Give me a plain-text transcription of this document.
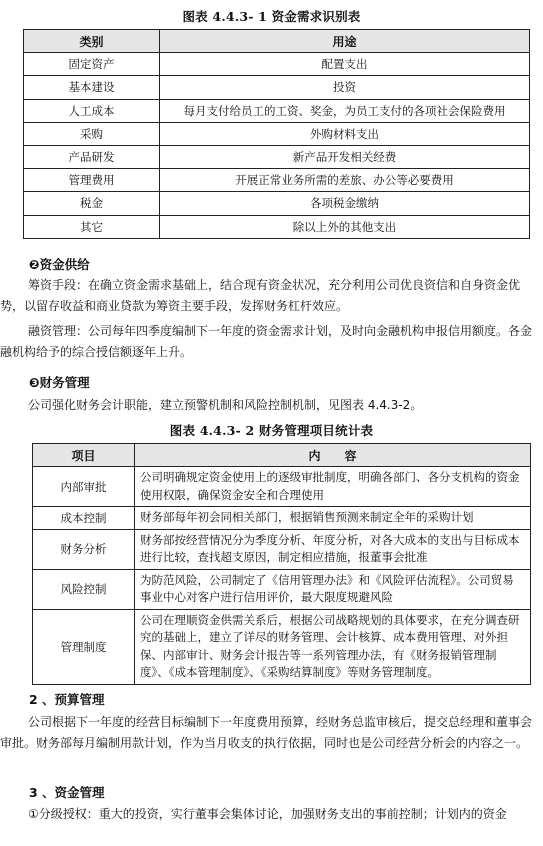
图表 4.4.3- 1 资金需求识别表
类别	用途
固定资产	配置支出
基本建设	投资
人工成本	每月支付给员工的工资、奖金，为员工支付的各项社会保险费用
采购	外购材料支出
产品研发	新产品开发相关经费
管理费用	开展正常业务所需的差旅、办公等必要费用
税金	各项税金缴纳
其它	除以上外的其他支出
❷资金供给
筹资手段：在确立资金需求基础上，结合现有资金状况，充分利用公司优良资信和自身资金优势，以留存收益和商业贷款为筹资主要手段，发挥财务杠杆效应。
融资管理：公司每年四季度编制下一年度的资金需求计划，及时向金融机构申报信用额度。各金融机构给予的综合授信额逐年上升。
❸财务管理
公司强化财务会计职能，建立预警机制和风险控制机制，见图表 4.4.3-2。
图表 4.4.3- 2 财务管理项目统计表
项目	内　　容
内部审批	公司明确规定资金使用上的逐级审批制度，明确各部门、各分支机构的资金使用权限，确保资金安全和合理使用
成本控制	财务部每年初会同相关部门，根据销售预测来制定全年的采购计划
财务分析	财务部按经营情况分为季度分析、年度分析，对各大成本的支出与目标成本进行比较，查找超支原因，制定相应措施，报董事会批准
风险控制	为防范风险，公司制定了《信用管理办法》和《风险评估流程》。公司贸易事业中心对客户进行信用评价，最大限度规避风险
管理制度	公司在理顺资金供需关系后，根据公司战略规划的具体要求，在充分调查研究的基础上，建立了详尽的财务管理、会计核算、成本费用管理、对外担保、内部审计、财务会计报告等一系列管理办法，有《财务报销管理制度》、《成本管理制度》、《采购结算制度》等财务管理制度。
2 、预算管理
公司根据下一年度的经营目标编制下一年度费用预算，经财务总监审核后，提交总经理和董事会审批。财务部每月编制用款计划，作为当月收支的执行依据，同时也是公司经营分析会的内容之一。
3 、资金管理
①分级授权：重大的投资，实行董事会集体讨论，加强财务支出的事前控制；计划内的资金
